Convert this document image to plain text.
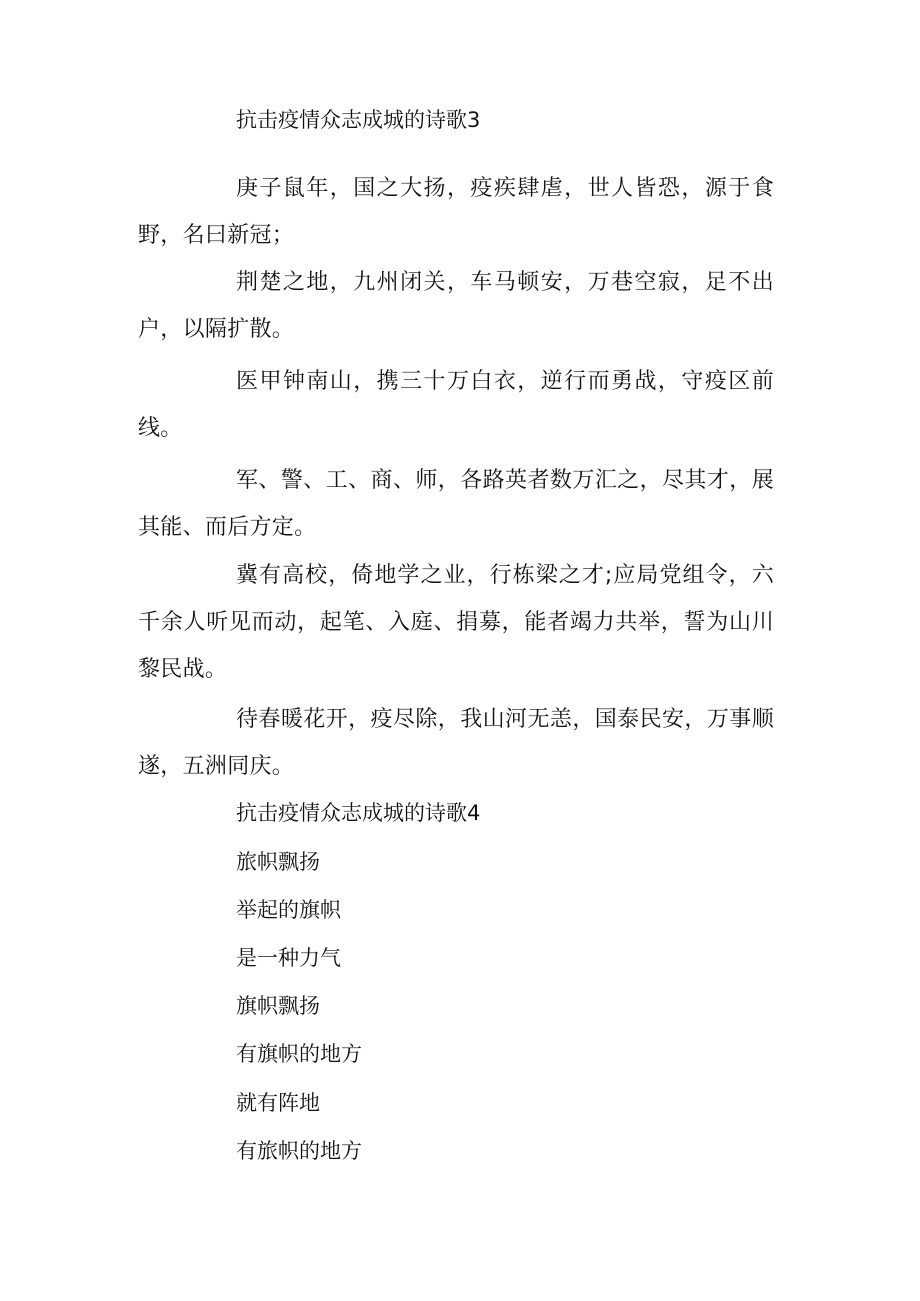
抗击疫情众志成城的诗歌3

庚子鼠年，国之大扬，疫疾肆虐，世人皆恐，源于食野，名曰新冠；

荆楚之地，九州闭关，车马顿安，万巷空寂，足不出户，以隔扩散。

医甲钟南山，携三十万白衣，逆行而勇战，守疫区前线。

军、警、工、商、师，各路英者数万汇之，尽其才，展其能、而后方定。

冀有高校，倚地学之业，行栋梁之才;应局党组令，六千余人听见而动，起笔、入庭、捐募，能者竭力共举，誓为山川黎民战。

待春暖花开，疫尽除，我山河无恙，国泰民安，万事顺遂，五洲同庆。

抗击疫情众志成城的诗歌4

旅帜飘扬

举起的旗帜

是一种力气

旗帜飘扬

有旗帜的地方

就有阵地

有旅帜的地方
